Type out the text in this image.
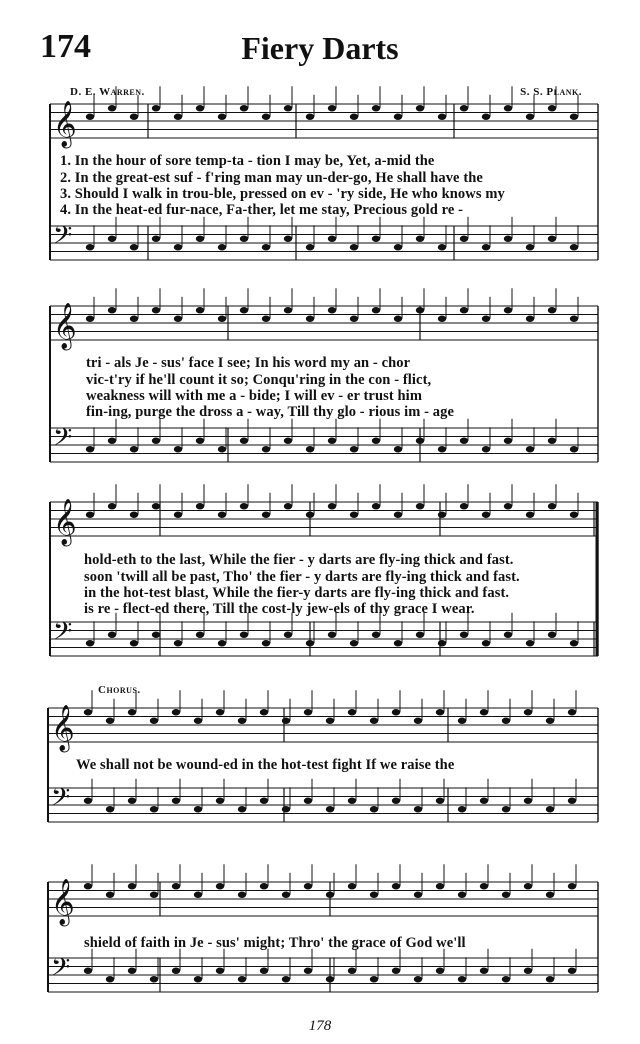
174	Fiery Darts
D. E. Warren.	S. S. Plank.
𝄞
𝄢
𝄞
𝄢
𝄞
𝄢
𝄞
𝄢
𝄞
𝄢
1. In the hour of sore temp-ta - tion I may be, Yet, a-mid the
2. In the great-est suf - f'ring man may un-der-go, He shall have the
3. Should I walk in trou-ble, pressed on ev - 'ry side, He who knows my
4. In the heat-ed fur-nace, Fa-ther, let me stay, Precious gold re -
tri - als Je - sus' face I see; In his word my an - chor
vic-t'ry if he'll count it so; Conqu'ring in the con - flict,
weakness will with me a - bide; I will ev - er trust him
fin-ing, purge the dross a - way, Till thy glo - rious im - age
hold-eth to the last, While the fier - y darts are fly-ing thick and fast.
soon 'twill all be past, Tho' the fier - y darts are fly-ing thick and fast.
in the hot-test blast, While the fier-y darts are fly-ing thick and fast.
is re - flect-ed there, Till the cost-ly jew-els of thy grace I wear.
Chorus.
We shall not be wound-ed in the hot-test fight If we raise the
shield of faith in Je - sus' might; Thro' the grace of God we'll
178
